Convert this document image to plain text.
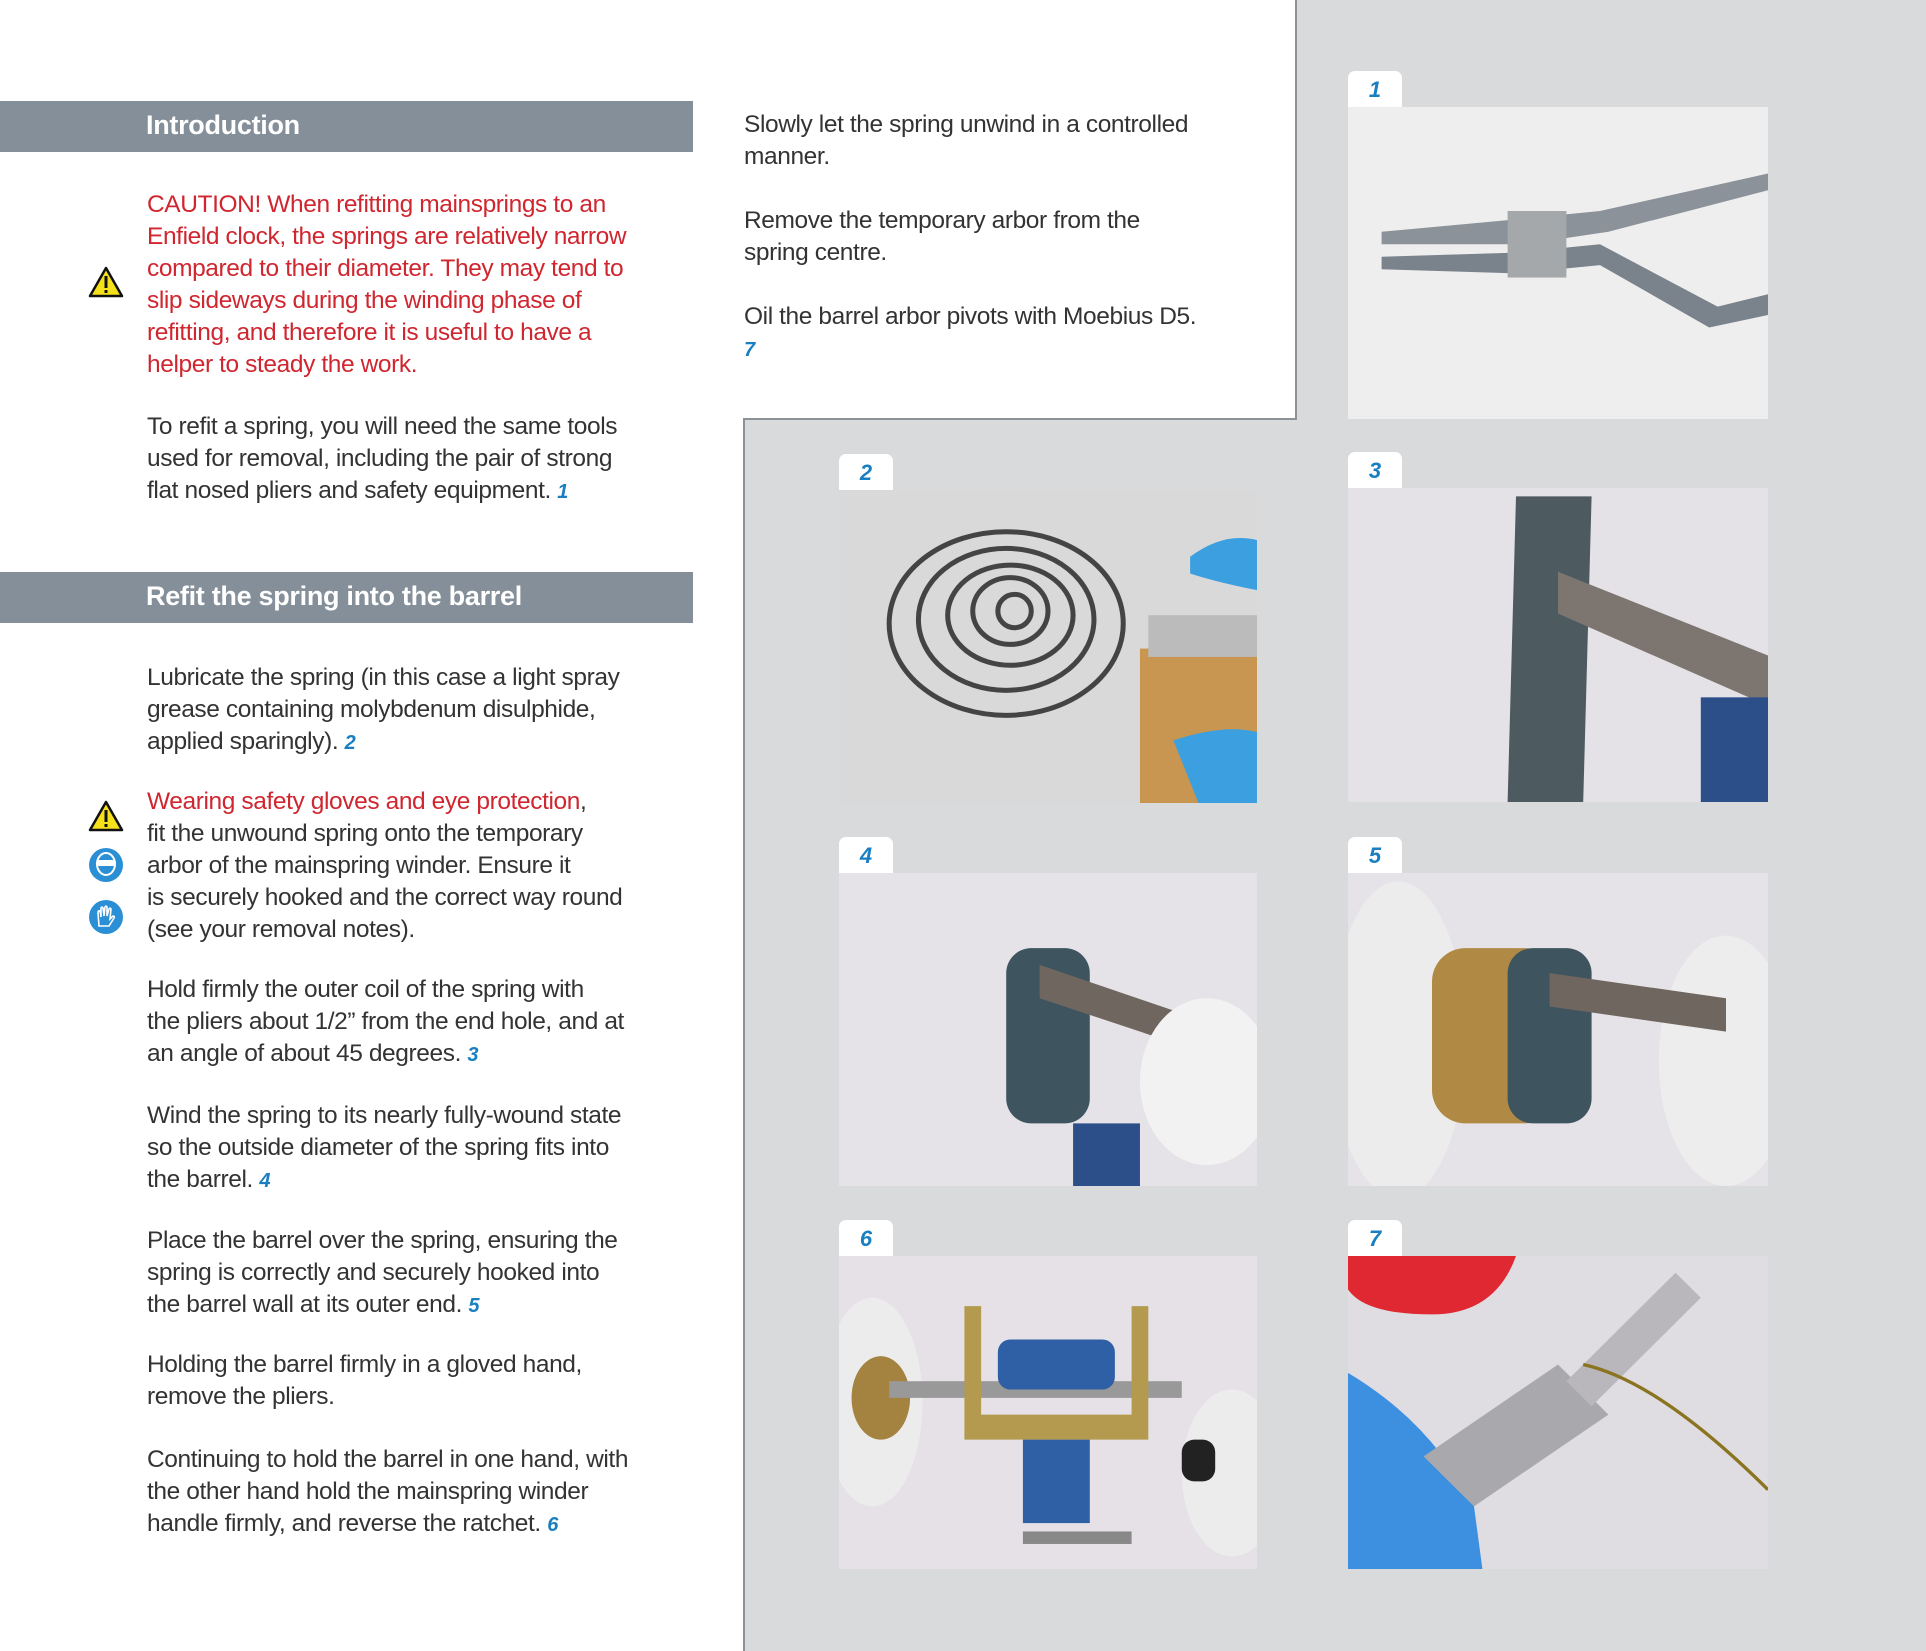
Introduction
CAUTION! When refitting mainsprings to an
Enfield clock, the springs are relatively narrow
compared to their diameter. They may tend to
slip sideways during the winding phase of
refitting, and therefore it is useful to have a
helper to steady the work.
To refit a spring, you will need the same tools
used for removal, including the pair of strong
flat nosed pliers and safety equipment. 1
Refit the spring into the barrel
Lubricate the spring (in this case a light spray
grease containing molybdenum disulphide,
applied sparingly). 2
Wearing safety gloves and eye protection,
fit the unwound spring onto the temporary
arbor of the mainspring winder. Ensure it
is securely hooked and the correct way round
(see your removal notes).
Hold firmly the outer coil of the spring with
the pliers about 1/2” from the end hole, and at
an angle of about 45 degrees. 3
Wind the spring to its nearly fully-wound state
so the outside diameter of the spring fits into
the barrel. 4
Place the barrel over the spring, ensuring the
spring is correctly and securely hooked into
the barrel wall at its outer end. 5
Holding the barrel firmly in a gloved hand,
remove the pliers.
Continuing to hold the barrel in one hand, with
the other hand hold the mainspring winder
handle firmly, and reverse the ratchet. 6
Slowly let the spring unwind in a controlled
manner.
Remove the temporary arbor from the
spring centre.
Oil the barrel arbor pivots with Moebius D5.
7
1
2	3
4	5
6	7
